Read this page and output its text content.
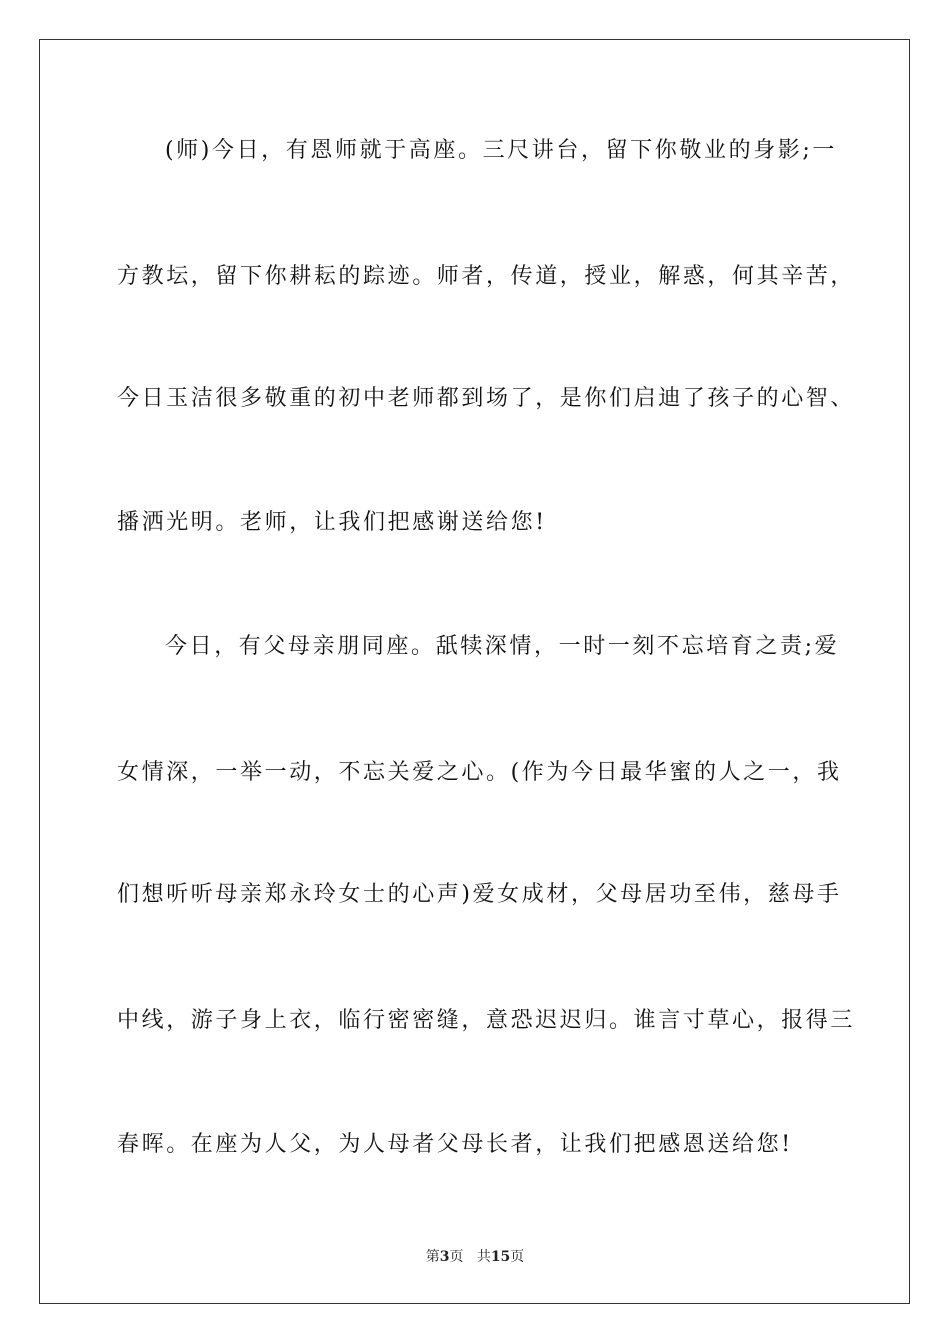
(师)今日，有恩师就于高座。三尺讲台，留下你敬业的身影;一
方教坛，留下你耕耘的踪迹。师者，传道，授业，解惑，何其辛苦，
今日玉洁很多敬重的初中老师都到场了，是你们启迪了孩子的心智、
播洒光明。老师，让我们把感谢送给您!
今日，有父母亲朋同座。舐犊深情，一时一刻不忘培育之责;爱
女情深，一举一动，不忘关爱之心。(作为今日最华蜜的人之一，我
们想听听母亲郑永玲女士的心声)爱女成材，父母居功至伟，慈母手
中线，游子身上衣，临行密密缝，意恐迟迟归。谁言寸草心，报得三
春晖。在座为人父，为人母者父母长者，让我们把感恩送给您!
第3页 共15页
